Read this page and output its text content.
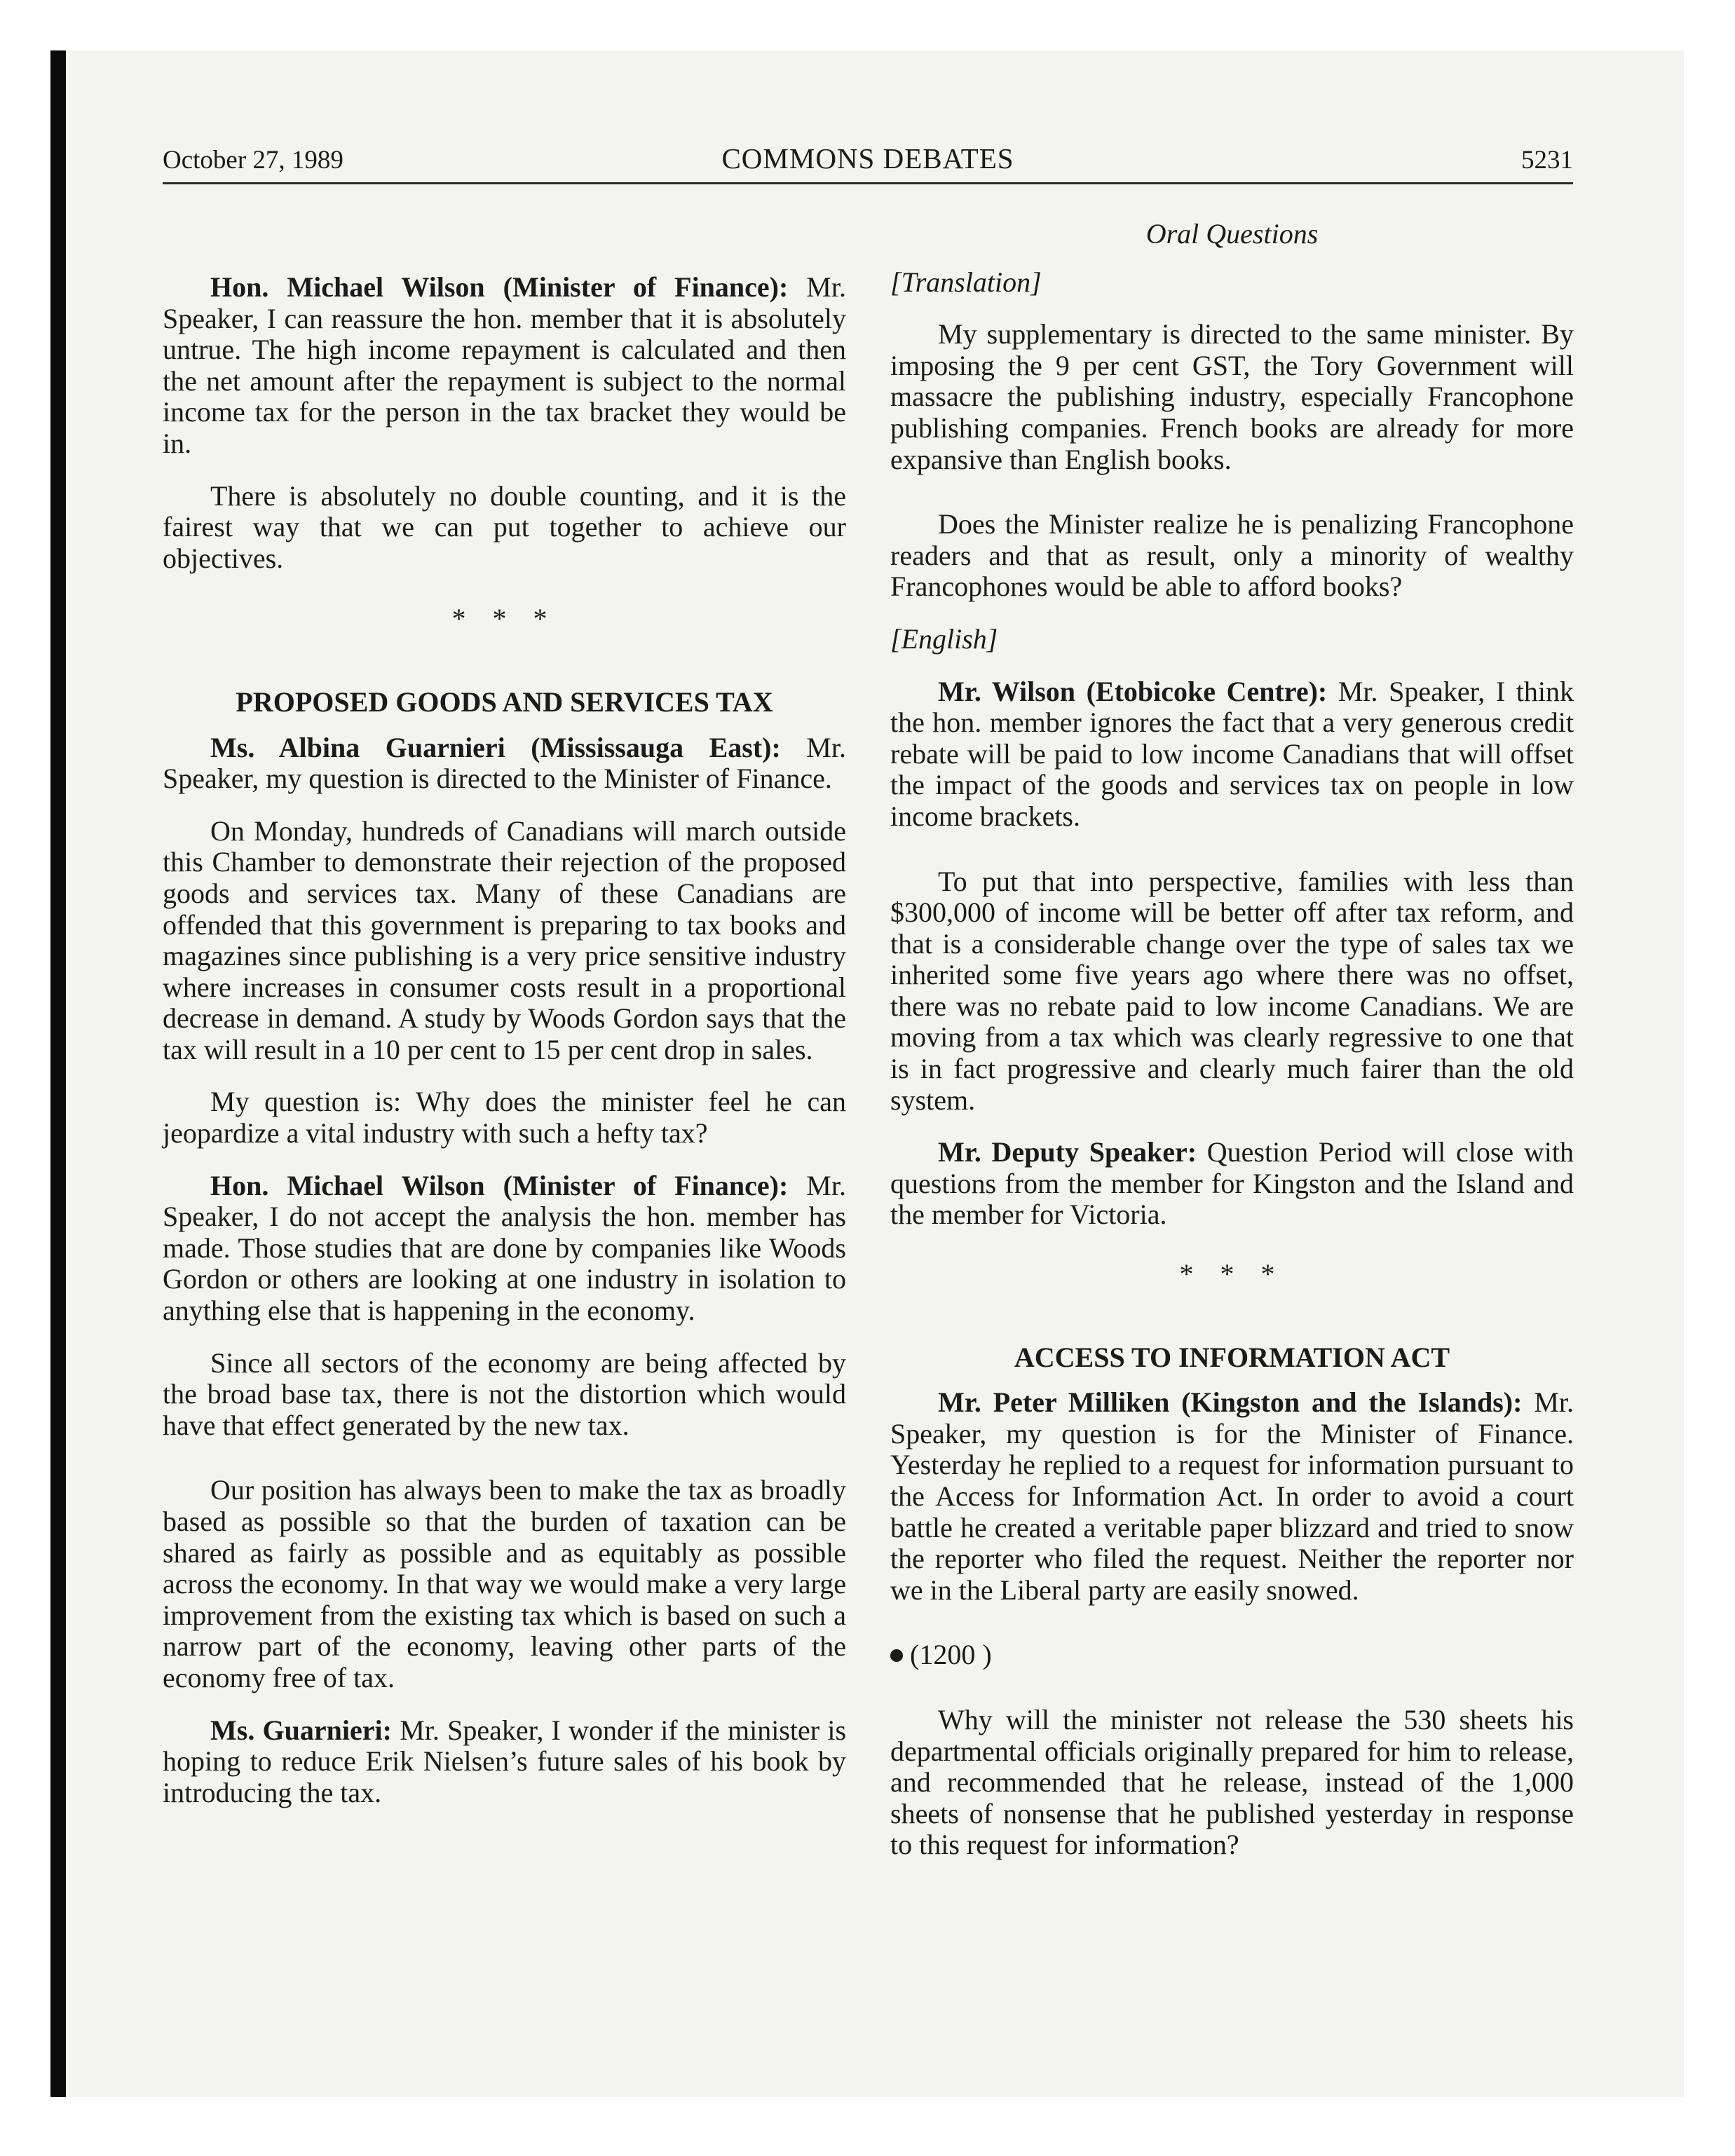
October 27, 1989	COMMONS DEBATES	5231

Hon. Michael Wilson (Minister of Finance): Mr. Speaker, I can reassure the hon. member that it is absolutely untrue. The high income repayment is calculated and then the net amount after the repayment is subject to the normal income tax for the person in the tax bracket they would be in.

There is absolutely no double counting, and it is the fairest way that we can put together to achieve our objectives.

* * *

PROPOSED GOODS AND SERVICES TAX

Ms. Albina Guarnieri (Mississauga East): Mr. Speaker, my question is directed to the Minister of Finance.

On Monday, hundreds of Canadians will march outside this Chamber to demonstrate their rejection of the proposed goods and services tax. Many of these Canadians are offended that this government is preparing to tax books and magazines since publishing is a very price sensitive industry where increases in consumer costs result in a proportional decrease in demand. A study by Woods Gordon says that the tax will result in a 10 per cent to 15 per cent drop in sales.

My question is: Why does the minister feel he can jeopardize a vital industry with such a hefty tax?

Hon. Michael Wilson (Minister of Finance): Mr. Speaker, I do not accept the analysis the hon. member has made. Those studies that are done by companies like Woods Gordon or others are looking at one industry in isolation to anything else that is happening in the economy.

Since all sectors of the economy are being affected by the broad base tax, there is not the distortion which would have that effect generated by the new tax.

Our position has always been to make the tax as broadly based as possible so that the burden of taxation can be shared as fairly as possible and as equitably as possible across the economy. In that way we would make a very large improvement from the existing tax which is based on such a narrow part of the economy, leaving other parts of the economy free of tax.

Ms. Guarnieri: Mr. Speaker, I wonder if the minister is hoping to reduce Erik Nielsen’s future sales of his book by introducing the tax.

Oral Questions

[Translation]

My supplementary is directed to the same minister. By imposing the 9 per cent GST, the Tory Government will massacre the publishing industry, especially Francophone publishing companies. French books are already for more expansive than English books.

Does the Minister realize he is penalizing Francophone readers and that as result, only a minority of wealthy Francophones would be able to afford books?

[English]

Mr. Wilson (Etobicoke Centre): Mr. Speaker, I think the hon. member ignores the fact that a very generous credit rebate will be paid to low income Canadians that will offset the impact of the goods and services tax on people in low income brackets.

To put that into perspective, families with less than $300,000 of income will be better off after tax reform, and that is a considerable change over the type of sales tax we inherited some five years ago where there was no offset, there was no rebate paid to low income Canadians. We are moving from a tax which was clearly regressive to one that is in fact progressive and clearly much fairer than the old system.

Mr. Deputy Speaker: Question Period will close with questions from the member for Kingston and the Island and the member for Victoria.

* * *

ACCESS TO INFORMATION ACT

Mr. Peter Milliken (Kingston and the Islands): Mr. Speaker, my question is for the Minister of Finance. Yesterday he replied to a request for information pursuant to the Access for Information Act. In order to avoid a court battle he created a veritable paper blizzard and tried to snow the reporter who filed the request. Neither the reporter nor we in the Liberal party are easily snowed.

(1200 )

Why will the minister not release the 530 sheets his departmental officials originally prepared for him to release, and recommended that he release, instead of the 1,000 sheets of nonsense that he published yesterday in response to this request for information?
